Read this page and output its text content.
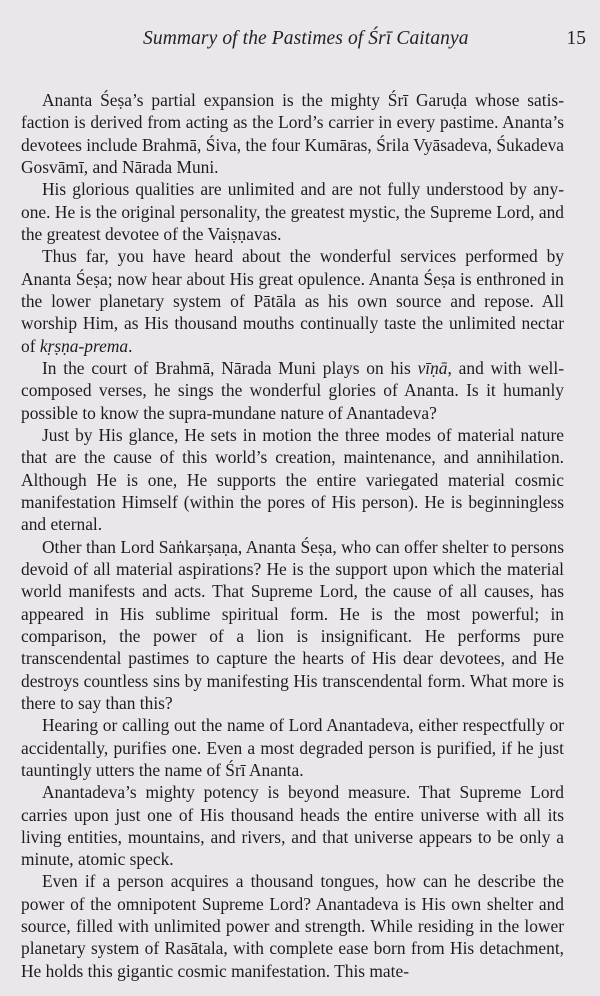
Summary of the Pastimes of Śrī Caitanya	15

Ananta Śeṣa’s partial expansion is the mighty Śrī Garuḍa whose satisfaction is derived from acting as the Lord’s carrier in every pastime. Ananta’s devotees include Brahmā, Śiva, the four Kumāras, Śrila Vyāsadeva, Śukadeva Gosvāmī, and Nārada Muni.

His glorious qualities are unlimited and are not fully understood by anyone. He is the original personality, the greatest mystic, the Supreme Lord, and the greatest devotee of the Vaiṣṇavas.

Thus far, you have heard about the wonderful services performed by Ananta Śeṣa; now hear about His great opulence. Ananta Śeṣa is enthroned in the lower planetary system of Pātāla as his own source and repose. All worship Him, as His thousand mouths continually taste the unlimited nectar of kṛṣṇa-prema.

In the court of Brahmā, Nārada Muni plays on his vīṇā, and with well-composed verses, he sings the wonderful glories of Ananta. Is it humanly possible to know the supra-mundane nature of Anantadeva?

Just by His glance, He sets in motion the three modes of material nature that are the cause of this world’s creation, maintenance, and annihilation. Although He is one, He supports the entire variegated material cosmic manifestation Himself (within the pores of His person). He is beginningless and eternal.

Other than Lord Saṅkarṣaṇa, Ananta Śeṣa, who can offer shelter to persons devoid of all material aspirations? He is the support upon which the material world manifests and acts. That Supreme Lord, the cause of all causes, has appeared in His sublime spiritual form. He is the most powerful; in comparison, the power of a lion is insignificant. He performs pure transcendental pastimes to capture the hearts of His dear devotees, and He destroys countless sins by manifesting His transcendental form. What more is there to say than this?

Hearing or calling out the name of Lord Anantadeva, either respectfully or accidentally, purifies one. Even a most degraded person is purified, if he just tauntingly utters the name of Śrī Ananta.

Anantadeva’s mighty potency is beyond measure. That Supreme Lord carries upon just one of His thousand heads the entire universe with all its living entities, mountains, and rivers, and that universe appears to be only a minute, atomic speck.

Even if a person acquires a thousand tongues, how can he describe the power of the omnipotent Supreme Lord? Anantadeva is His own shelter and source, filled with unlimited power and strength. While residing in the lower planetary system of Rasātala, with complete ease born from His detachment, He holds this gigantic cosmic manifestation. This mate-
